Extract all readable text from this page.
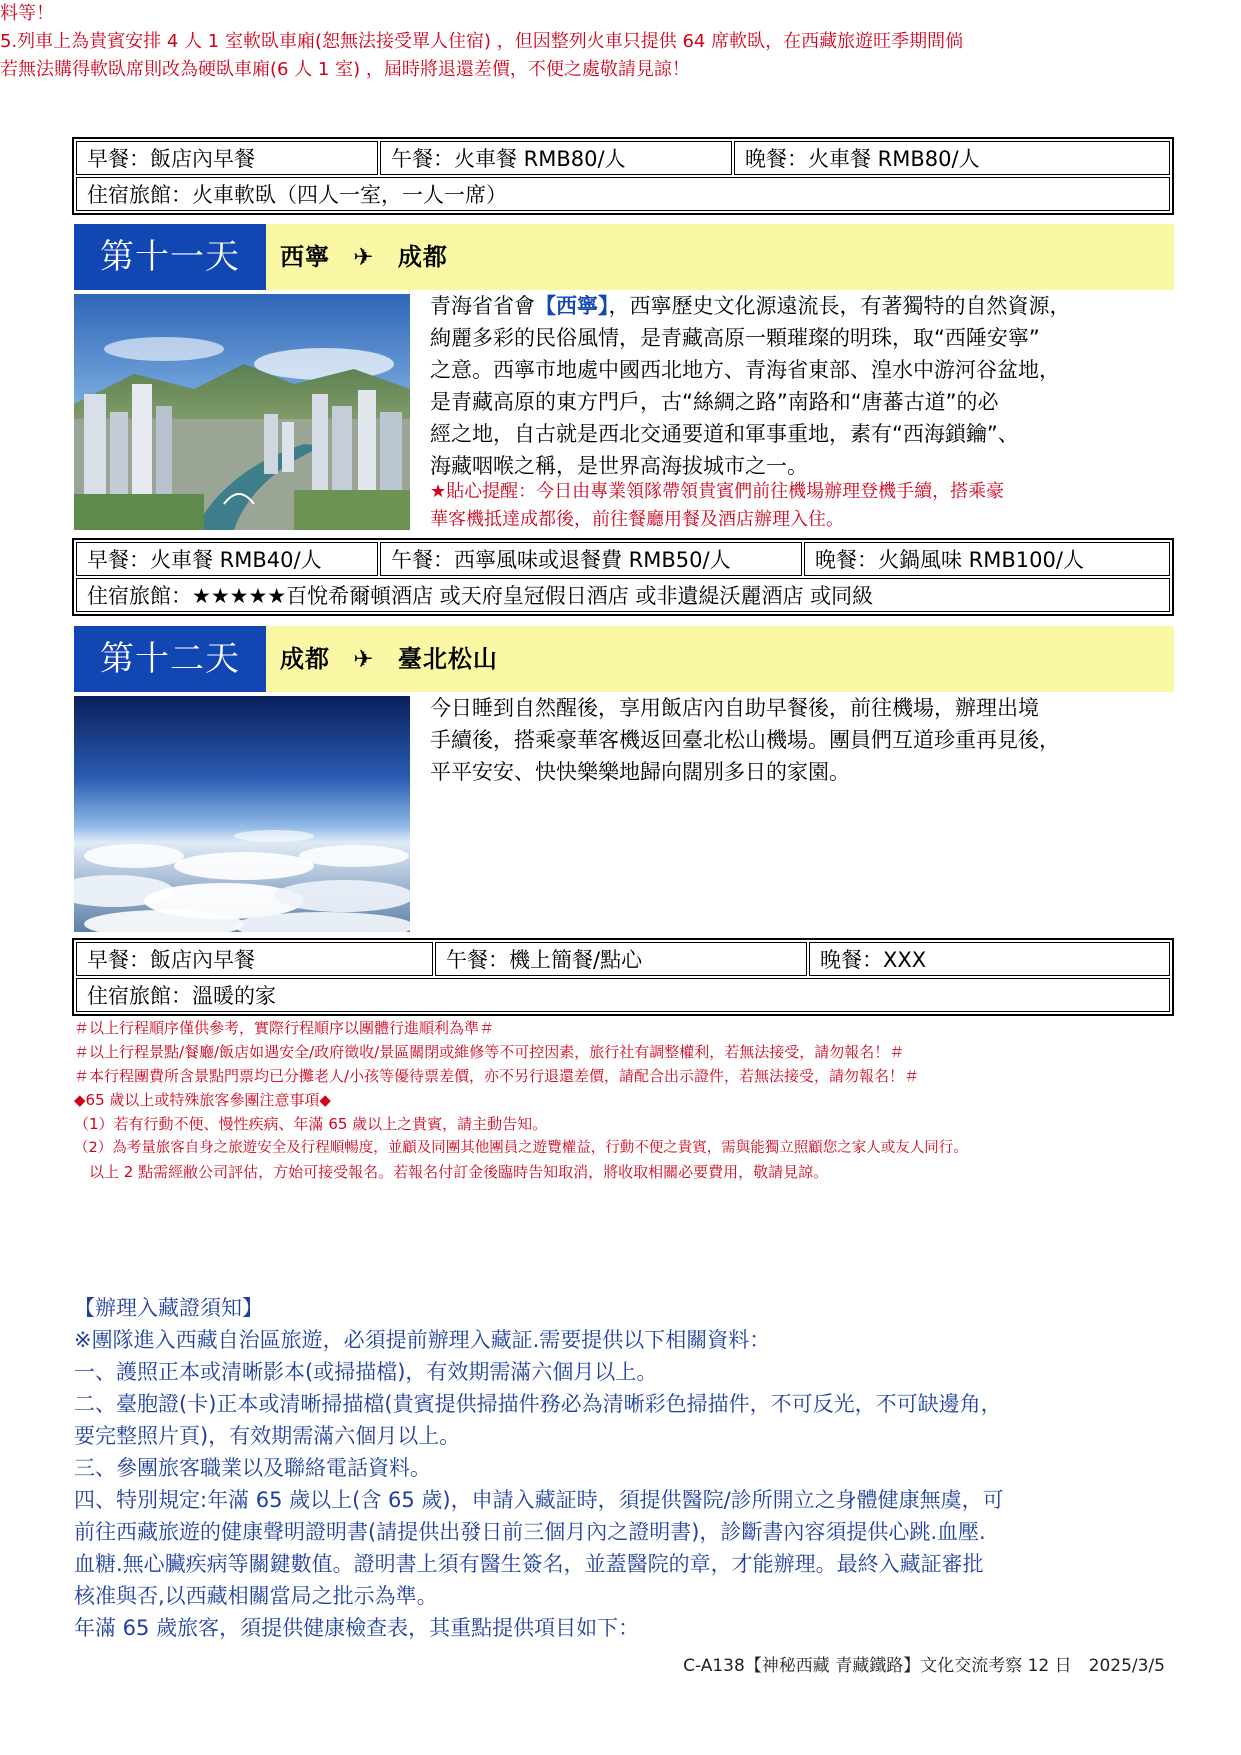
料等！
5.列車上為貴賓安排 4 人 1 室軟臥車廂(恕無法接受單人住宿) ，但因整列火車只提供 64 席軟臥，在西藏旅遊旺季期間倘
若無法購得軟臥席則改為硬臥車廂(6 人 1 室) ，屆時將退還差價，不便之處敬請見諒！
早餐：飯店內早餐	午餐：火車餐 RMB80/人	晚餐：火車餐 RMB80/人
住宿旅館：火車軟臥（四人一室，一人一席）
第十一天	西寧 ✈ 成都
青海省省會【西寧】，西寧歷史文化源遠流長，有著獨特的自然資源，
絢麗多彩的民俗風情，是青藏高原一顆璀璨的明珠，取“西陲安寧”
之意。西寧市地處中國西北地方、青海省東部、湟水中游河谷盆地，
是青藏高原的東方門戶，古“絲綢之路”南路和“唐蕃古道”的必
經之地，自古就是西北交通要道和軍事重地，素有“西海鎖鑰”、
海藏咽喉之稱，是世界高海拔城市之一。
★貼心提醒：今日由專業領隊帶領貴賓們前往機場辦理登機手續，搭乘豪
華客機抵達成都後，前往餐廳用餐及酒店辦理入住。
早餐：火車餐 RMB40/人	午餐：西寧風味或退餐費 RMB50/人	晚餐：火鍋風味 RMB100/人
住宿旅館：★★★★★百悅希爾頓酒店 或天府皇冠假日酒店 或非遺緹沃麗酒店 或同級
第十二天	成都 ✈ 臺北松山
今日睡到自然醒後，享用飯店內自助早餐後，前往機場，辦理出境
手續後，搭乘豪華客機返回臺北松山機場。團員們互道珍重再見後，
平平安安、快快樂樂地歸向闊別多日的家園。
早餐：飯店內早餐	午餐：機上簡餐/點心	晚餐：XXX
住宿旅館：溫暖的家
＃以上行程順序僅供參考，實際行程順序以團體行進順利為準＃
＃以上行程景點/餐廳/飯店如遇安全/政府徵收/景區關閉或維修等不可控因素，旅行社有調整權利，若無法接受，請勿報名！＃
＃本行程團費所含景點門票均已分攤老人/小孩等優待票差價，亦不另行退還差價，請配合出示證件，若無法接受，請勿報名！＃
◆65 歲以上或特殊旅客參團注意事項◆
（1）若有行動不便、慢性疾病、年滿 65 歲以上之貴賓，請主動告知。
（2）為考量旅客自身之旅遊安全及行程順暢度，並顧及同團其他團員之遊覽權益，行動不便之貴賓，需與能獨立照顧您之家人或友人同行。
　以上 2 點需經敝公司評估，方始可接受報名。若報名付訂金後臨時告知取消，將收取相關必要費用，敬請見諒。
【辦理入藏證須知】
※團隊進入西藏自治區旅遊，必須提前辦理入藏証.需要提供以下相關資料：
一、護照正本或清晰影本(或掃描檔)，有效期需滿六個月以上。
二、臺胞證(卡)正本或清晰掃描檔(貴賓提供掃描件務必為清晰彩色掃描件，不可反光，不可缺邊角，
要完整照片頁)，有效期需滿六個月以上。
三、參團旅客職業以及聯絡電話資料。
四、特別規定:年滿 65 歲以上(含 65 歲)，申請入藏証時，須提供醫院/診所開立之身體健康無虞，可
前往西藏旅遊的健康聲明證明書(請提供出發日前三個月內之證明書)，診斷書內容須提供心跳.血壓.
血糖.無心臟疾病等關鍵數值。證明書上須有醫生簽名，並蓋醫院的章，才能辦理。最終入藏証審批
核准與否,以西藏相關當局之批示為準。
年滿 65 歲旅客，須提供健康檢查表，其重點提供項目如下：
C-A138【神秘西藏 青藏鐵路】文化交流考察 12 日　2025/3/5
